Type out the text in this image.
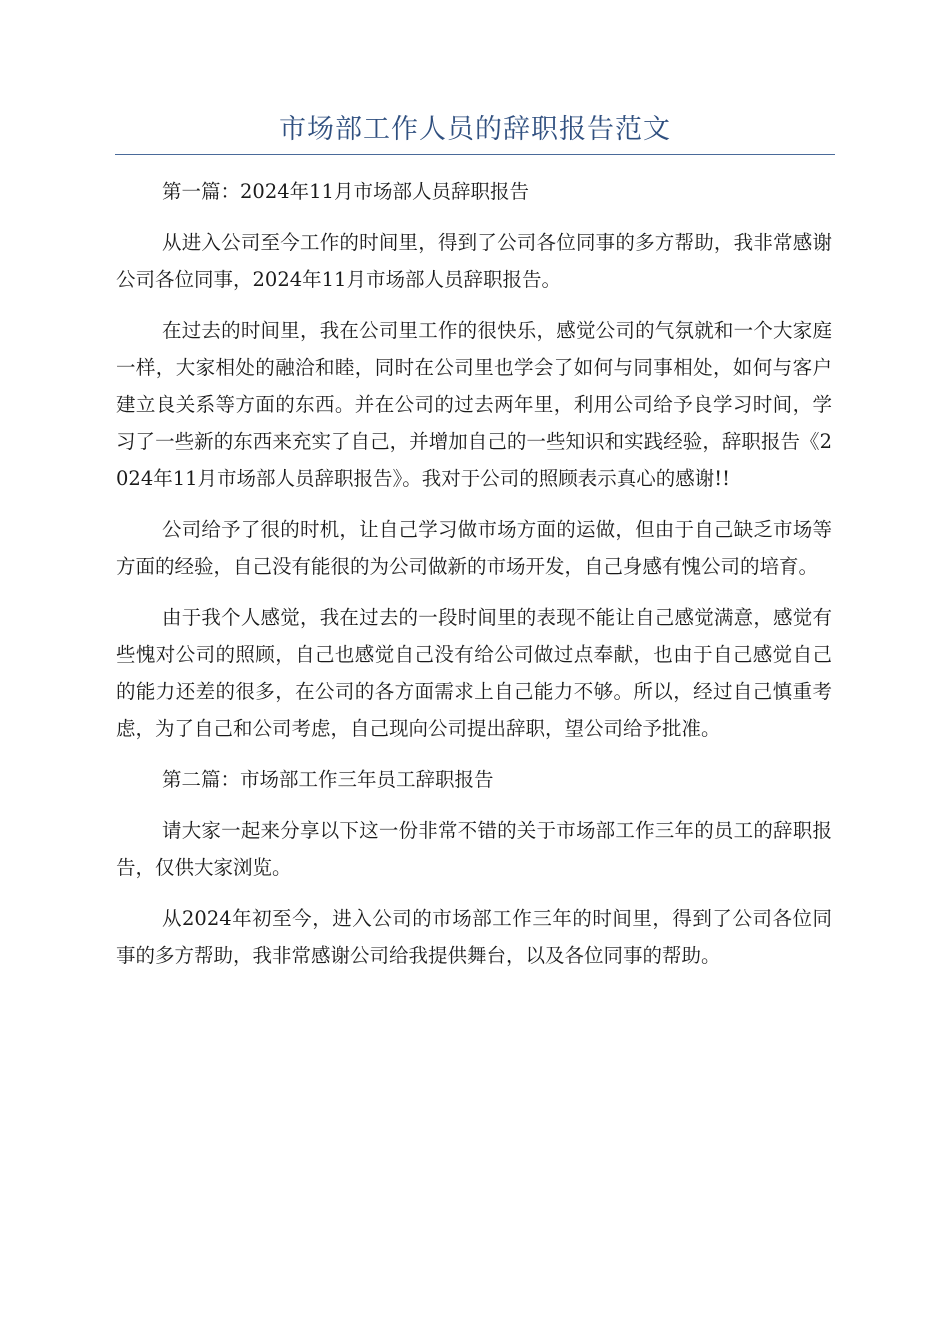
市场部工作人员的辞职报告范文

第一篇：2024年11月市场部人员辞职报告

从进入公司至今工作的时间里，得到了公司各位同事的多方帮助，我非常感谢公司各位同事，2024年11月市场部人员辞职报告。

在过去的时间里，我在公司里工作的很快乐，感觉公司的气氛就和一个大家庭一样，大家相处的融洽和睦，同时在公司里也学会了如何与同事相处，如何与客户建立良关系等方面的东西。并在公司的过去两年里，利用公司给予良学习时间，学习了一些新的东西来充实了自己，并增加自己的一些知识和实践经验，辞职报告《2024年11月市场部人员辞职报告》。我对于公司的照顾表示真心的感谢!!

公司给予了很的时机，让自己学习做市场方面的运做，但由于自己缺乏市场等方面的经验，自己没有能很的为公司做新的市场开发，自己身感有愧公司的培育。

由于我个人感觉，我在过去的一段时间里的表现不能让自己感觉满意，感觉有些愧对公司的照顾，自己也感觉自己没有给公司做过点奉献，也由于自己感觉自己的能力还差的很多，在公司的各方面需求上自己能力不够。所以，经过自己慎重考虑，为了自己和公司考虑，自己现向公司提出辞职，望公司给予批准。

第二篇：市场部工作三年员工辞职报告

请大家一起来分享以下这一份非常不错的关于市场部工作三年的员工的辞职报告，仅供大家浏览。

从2024年初至今，进入公司的市场部工作三年的时间里，得到了公司各位同事的多方帮助，我非常感谢公司给我提供舞台，以及各位同事的帮助。
